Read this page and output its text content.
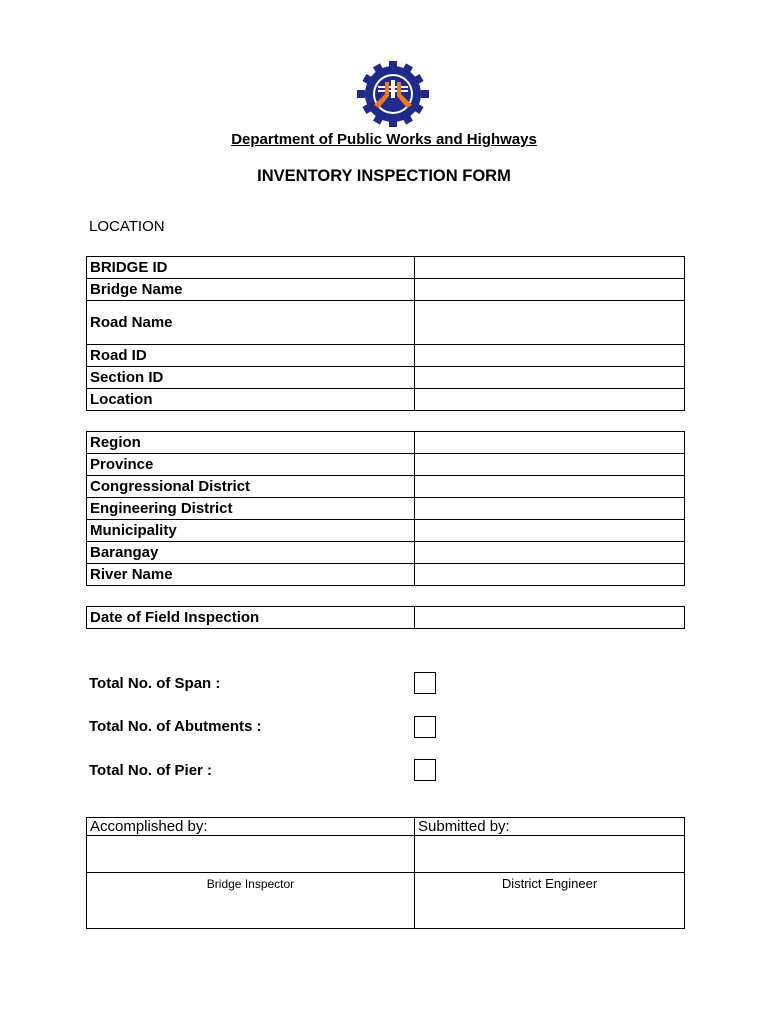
Department of Public Works and Highways
INVENTORY INSPECTION FORM
LOCATION
BRIDGE ID	
Bridge Name	
Road Name	
Road ID	
Section ID	
Location	
Region	
Province	
Congressional District	
Engineering District	
Municipality	
Barangay	
River Name	
Date of Field Inspection	
Total No. of Span :
Total No. of Abutments :
Total No. of Pier :
Accomplished by:	Submitted by:

Bridge Inspector	District Engineer
